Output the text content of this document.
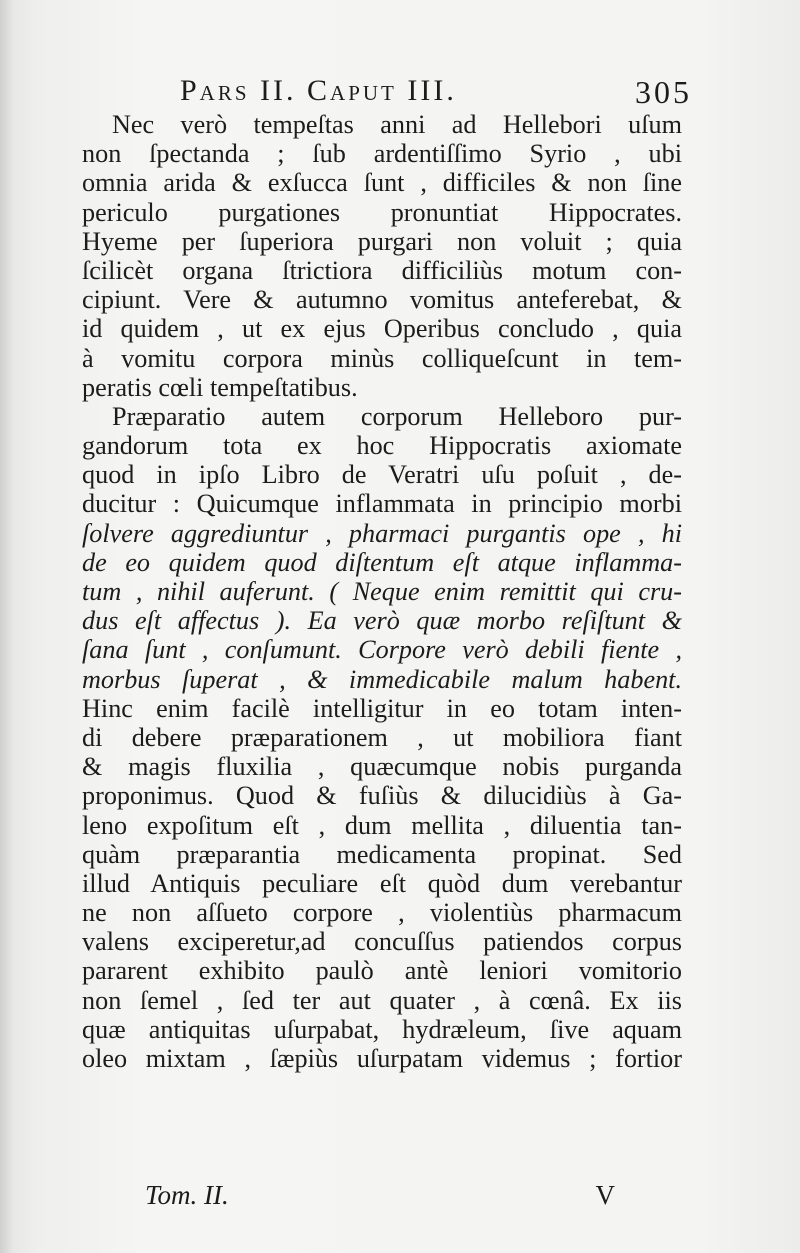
Pars II. Caput III.	305
Nec verò tempeſtas anni ad Hellebori uſum
non ſpectanda ; ſub ardentiſſimo Syrio , ubi
omnia arida & exſucca ſunt , difficiles & non ſine
periculo purgationes pronuntiat Hippocrates.
Hyeme per ſuperiora purgari non voluit ; quia
ſcilicèt organa ſtrictiora difficiliùs motum con-
cipiunt. Vere & autumno vomitus anteferebat, &
id quidem , ut ex ejus Operibus concludo , quia
à vomitu corpora minùs colliqueſcunt in tem-
peratis cœli tempeſtatibus.
Præparatio autem corporum Helleboro pur-
gandorum tota ex hoc Hippocratis axiomate
quod in ipſo Libro de Veratri uſu poſuit , de-
ducitur : Quicumque inflammata in principio morbi
ſolvere aggrediuntur , pharmaci purgantis ope , hi
de eo quidem quod diſtentum eſt atque inflamma-
tum , nihil auferunt. ( Neque enim remittit qui cru-
dus eſt affectus ). Ea verò quæ morbo reſiſtunt &
ſana ſunt , conſumunt. Corpore verò debili fiente ,
morbus ſuperat , & immedicabile malum habent.
Hinc enim facilè intelligitur in eo totam inten-
di debere præparationem , ut mobiliora fiant
& magis fluxilia , quæcumque nobis purganda
proponimus. Quod & fuſiùs & dilucidiùs à Ga-
leno expoſitum eſt , dum mellita , diluentia tan-
quàm præparantia medicamenta propinat. Sed
illud Antiquis peculiare eſt quòd dum verebantur
ne non aſſueto corpore , violentiùs pharmacum
valens exciperetur,ad concuſſus patiendos corpus
pararent exhibito paulò antè leniori vomitorio
non ſemel , ſed ter aut quater , à cœnâ. Ex iis
quæ antiquitas uſurpabat, hydræleum, ſive aquam
oleo mixtam , ſæpiùs uſurpatam videmus ; fortior
Tom. II.	V
